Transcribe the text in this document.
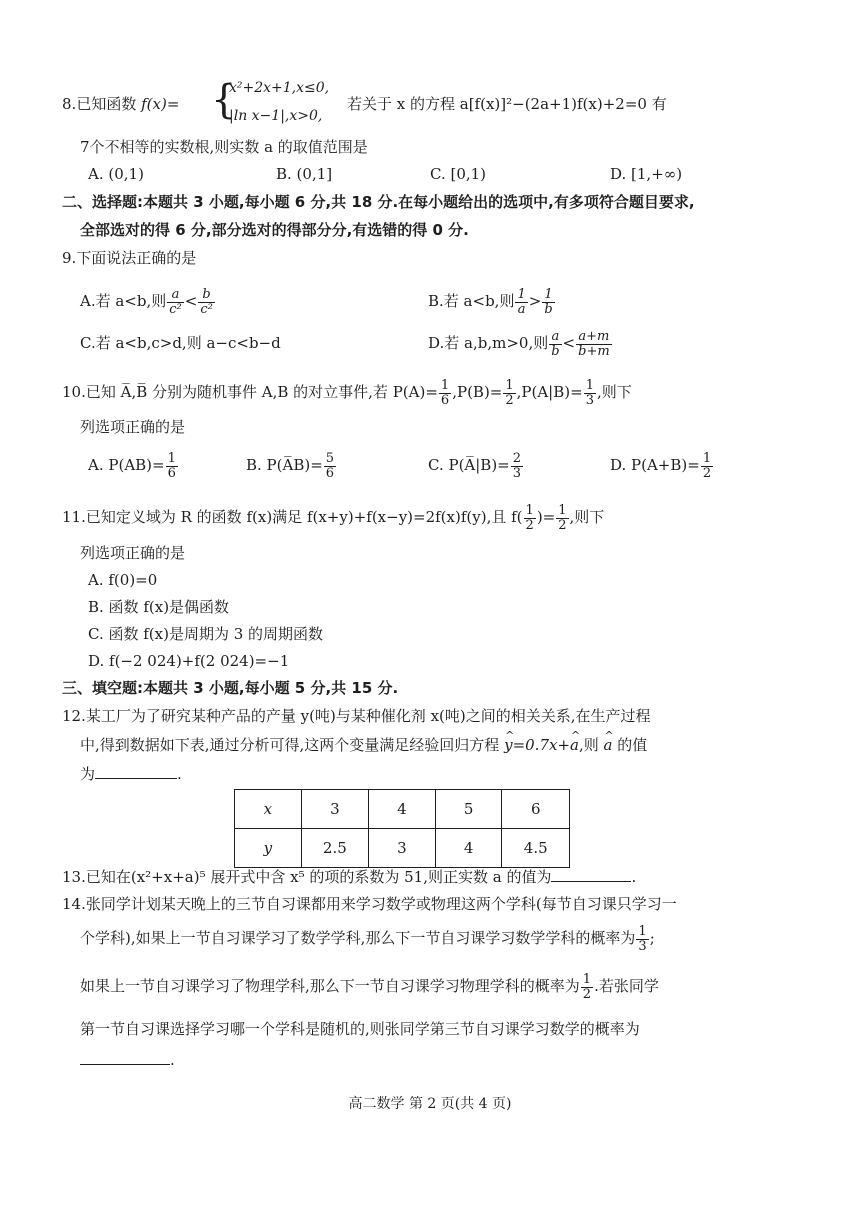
8.已知函数 f(x)= {
x²+2x+1,x≤0,
|ln x−1|,x>0,
若关于 x 的方程 a[f(x)]²−(2a+1)f(x)+2=0 有
7个不相等的实数根,则实数 a 的取值范围是
A. (0,1)	B. (0,1]	C. [0,1)	D. [1,+∞)
二、选择题:本题共 3 小题,每小题 6 分,共 18 分.在每小题给出的选项中,有多项符合题目要求,
全部选对的得 6 分,部分选对的得部分分,有选错的得 0 分.
9.下面说法正确的是
A.若 a<b,则 $\frac{a}{\text{c²}} < \frac{b}{\text{c²}}$	B.若 a<b,则 $\frac{1}{a} > \frac{1}{b}$
C.若 a<b,c>d,则 a−c<b−d	D.若 a,b,m>0,则 $\frac{a}{b} < \frac{a+m}{b+m}$
10.已知 A̅,B̅ 分别为随机事件 A,B 的对立事件,若 $P(A)= \frac{1}{6} ,P(B)= \frac{1}{2} ,P(A|B)= \frac{1}{3}$ ,则下
列选项正确的是
A. $P(AB)= \frac{1}{6}$	B. P(A̅B)= $\frac{5}{6}$	C. P(A̅|B)= $\frac{2}{3}$	D. $P(A+B)= \frac{1}{2}$
11.已知定义域为 R 的函数 f(x)满足 f(x+y)+f(x−y)=2f(x)f(y),且 $f( \frac{1}{2}$ )= $\frac{1}{2}$ ,则下
列选项正确的是
A. f(0)=0
B. 函数 f(x)是偶函数
C. 函数 f(x)是周期为 3 的周期函数
D. f(−2 024)+f(2 024)=−1
三、填空题:本题共 3 小题,每小题 5 分,共 15 分.
12.某工厂为了研究某种产品的产量 y(吨)与某种催化剂 x(吨)之间的相关关系,在生产过程
中,得到数据如下表,通过分析可得,这两个变量满足经验回归方程 ^ y=0.7x+^ a,则 ^ a 的值
为	.
x	3	4	5	6
y	2.5	3	4	4.5
13.已知在(x²+x+a)⁵ 展开式中含 x⁵ 的项的系数为 51,则正实数 a 的值为	.
14.张同学计划某天晚上的三节自习课都用来学习数学或物理这两个学科(每节自习课只学习一
个学科),如果上一节自习课学习了数学学科,那么下一节自习课学习数学学科的概率为 $\frac{1}{3}$ ;
如果上一节自习课学习了物理学科,那么下一节自习课学习物理学科的概率为 $\frac{1}{2}$ .若张同学
第一节自习课选择学习哪一个学科是随机的,则张同学第三节自习课学习数学的概率为
.
高二数学 第 2 页(共 4 页)
